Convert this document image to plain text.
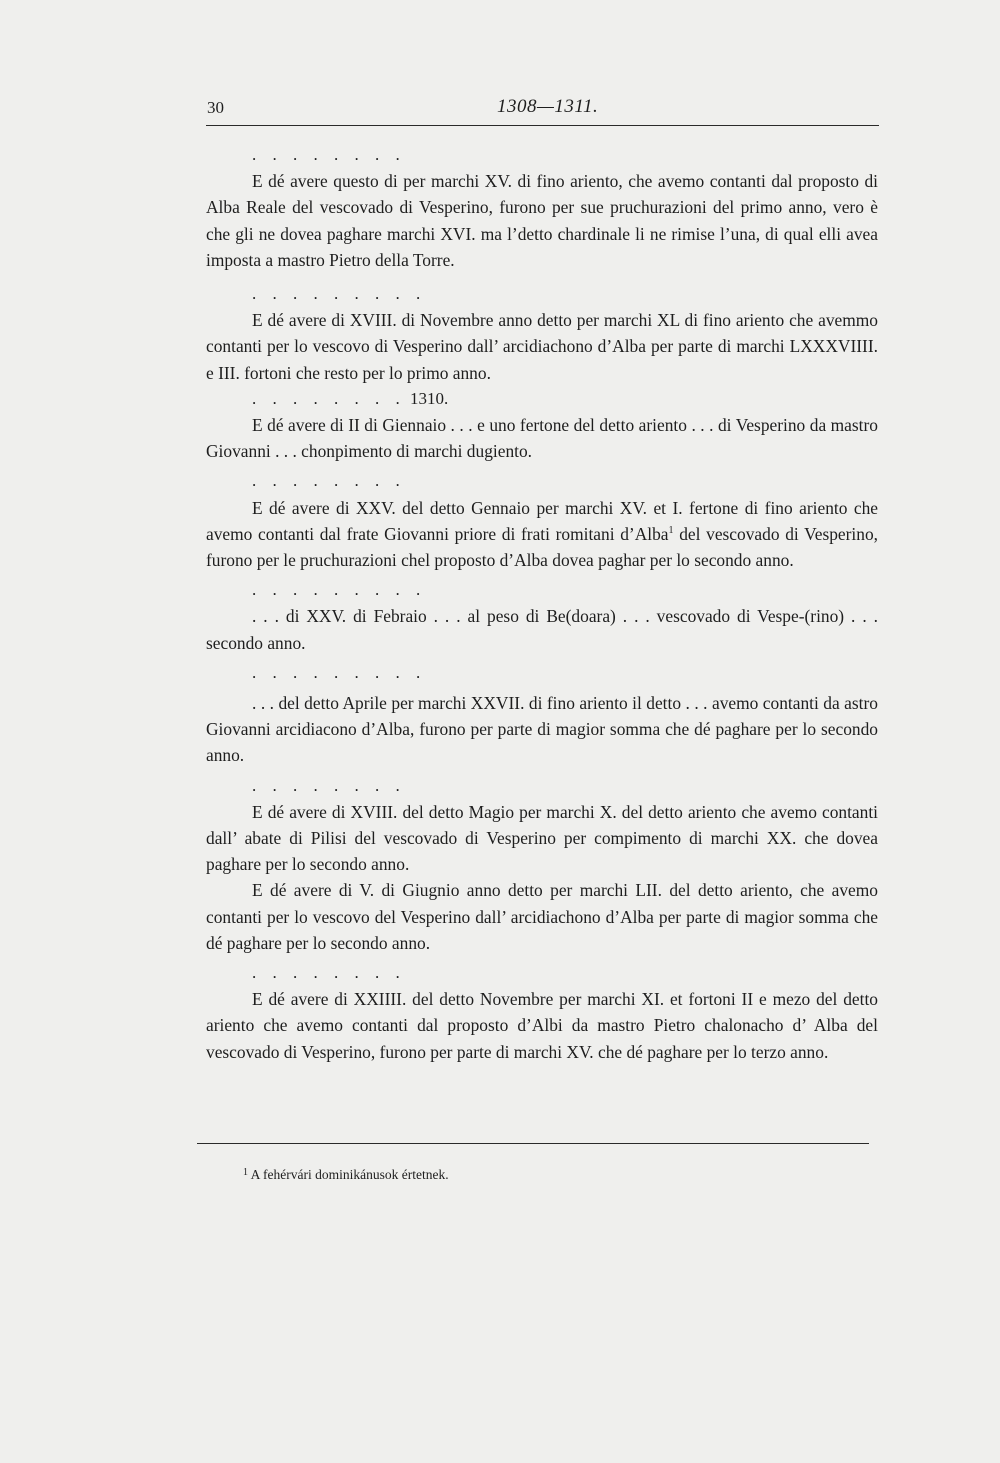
30	1308—1311.
. . . . . . . .

E dé avere questo di per marchi XV. di fino ariento, che avemo contanti dal proposto di Alba Reale del vescovado di Vesperino, furono per sue pruchurazioni del primo anno, vero è che gli ne dovea paghare marchi XVI. ma l’detto chardinale li ne rimise l’una, di qual elli avea imposta a mastro Pietro della Torre.

. . . . . . . . .

E dé avere di XVIII. di Novembre anno detto per marchi XL di fino ariento che avemmo contanti per lo vescovo di Vesperino dall’ arcidiachono d’Alba per parte di marchi LXXXVIIII. e III. fortoni che resto per lo primo anno.

. . . . . . . . 1310.

E dé avere di II di Giennaio . . . e uno fertone del detto ariento . . . di Vesperino da mastro Giovanni . . . chonpimento di marchi dugiento.

. . . . . . . .

E dé avere di XXV. del detto Gennaio per marchi XV. et I. fertone di fino ariento che avemo contanti dal frate Giovanni priore di frati romitani d’Alba$^1$ del vescovado di Vesperino, furono per le pruchurazioni chel proposto d’Alba dovea paghar per lo secondo anno.

. . . . . . . . .

. . . di XXV. di Febraio . . . al peso di Be(doara) . . . vescovado di Vespe-(rino) . . . secondo anno.

. . . . . . . . .

. . . del detto Aprile per marchi XXVII. di fino ariento il detto . . . avemo contanti da astro Giovanni arcidiacono d’Alba, furono per parte di magior somma che dé paghare per lo secondo anno.

. . . . . . . .

E dé avere di XVIII. del detto Magio per marchi X. del detto ariento che avemo contanti dall’ abate di Pilisi del vescovado di Vesperino per compimento di marchi XX. che dovea paghare per lo secondo anno.

E dé avere di V. di Giugnio anno detto per marchi LII. del detto ariento, che avemo contanti per lo vescovo del Vesperino dall’ arcidiachono d’Alba per parte di magior somma che dé paghare per lo secondo anno.

. . . . . . . .

E dé avere di XXIIII. del detto Novembre per marchi XI. et fortoni II e mezo del detto ariento che avemo contanti dal proposto d’Albi da mastro Pietro chalonacho d’ Alba del vescovado di Vesperino, furono per parte di marchi XV. che dé paghare per lo terzo anno.

$^1$ A fehérvári dominikánusok értetnek.
